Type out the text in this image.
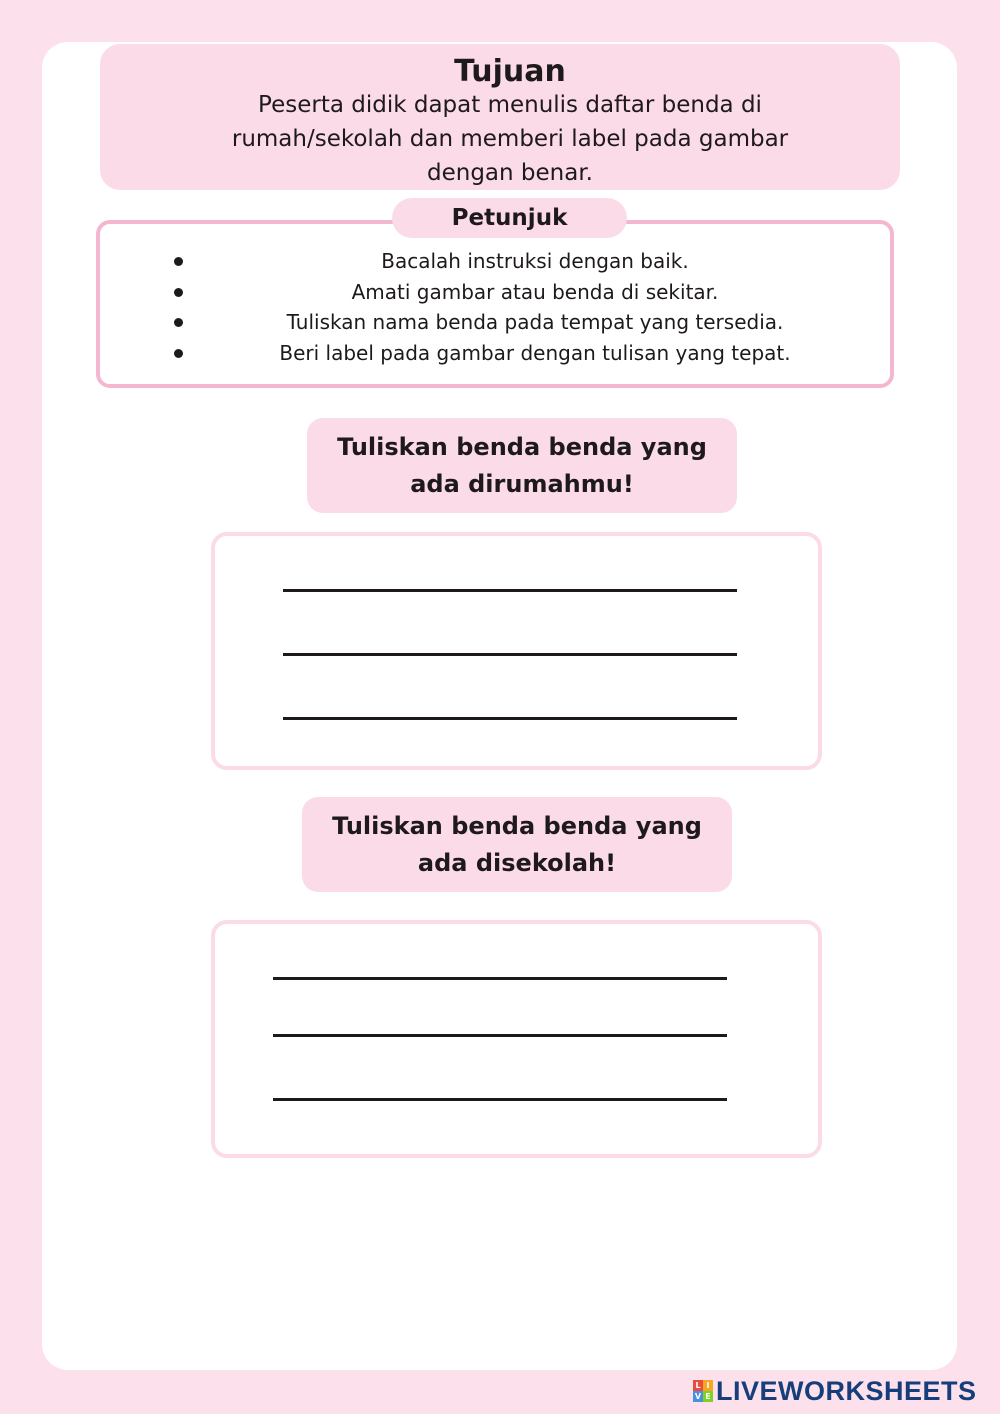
Tujuan
Peserta didik dapat menulis daftar benda di
rumah/sekolah dan memberi label pada gambar
dengan benar.
Petunjuk
Bacalah instruksi dengan baik.
Amati gambar atau benda di sekitar.
Tuliskan nama benda pada tempat yang tersedia.
Beri label pada gambar dengan tulisan yang tepat.
Tuliskan benda benda yang ada dirumahmu!
Tuliskan benda benda yang ada disekolah!
L I
V E LIVEWORKSHEETS
